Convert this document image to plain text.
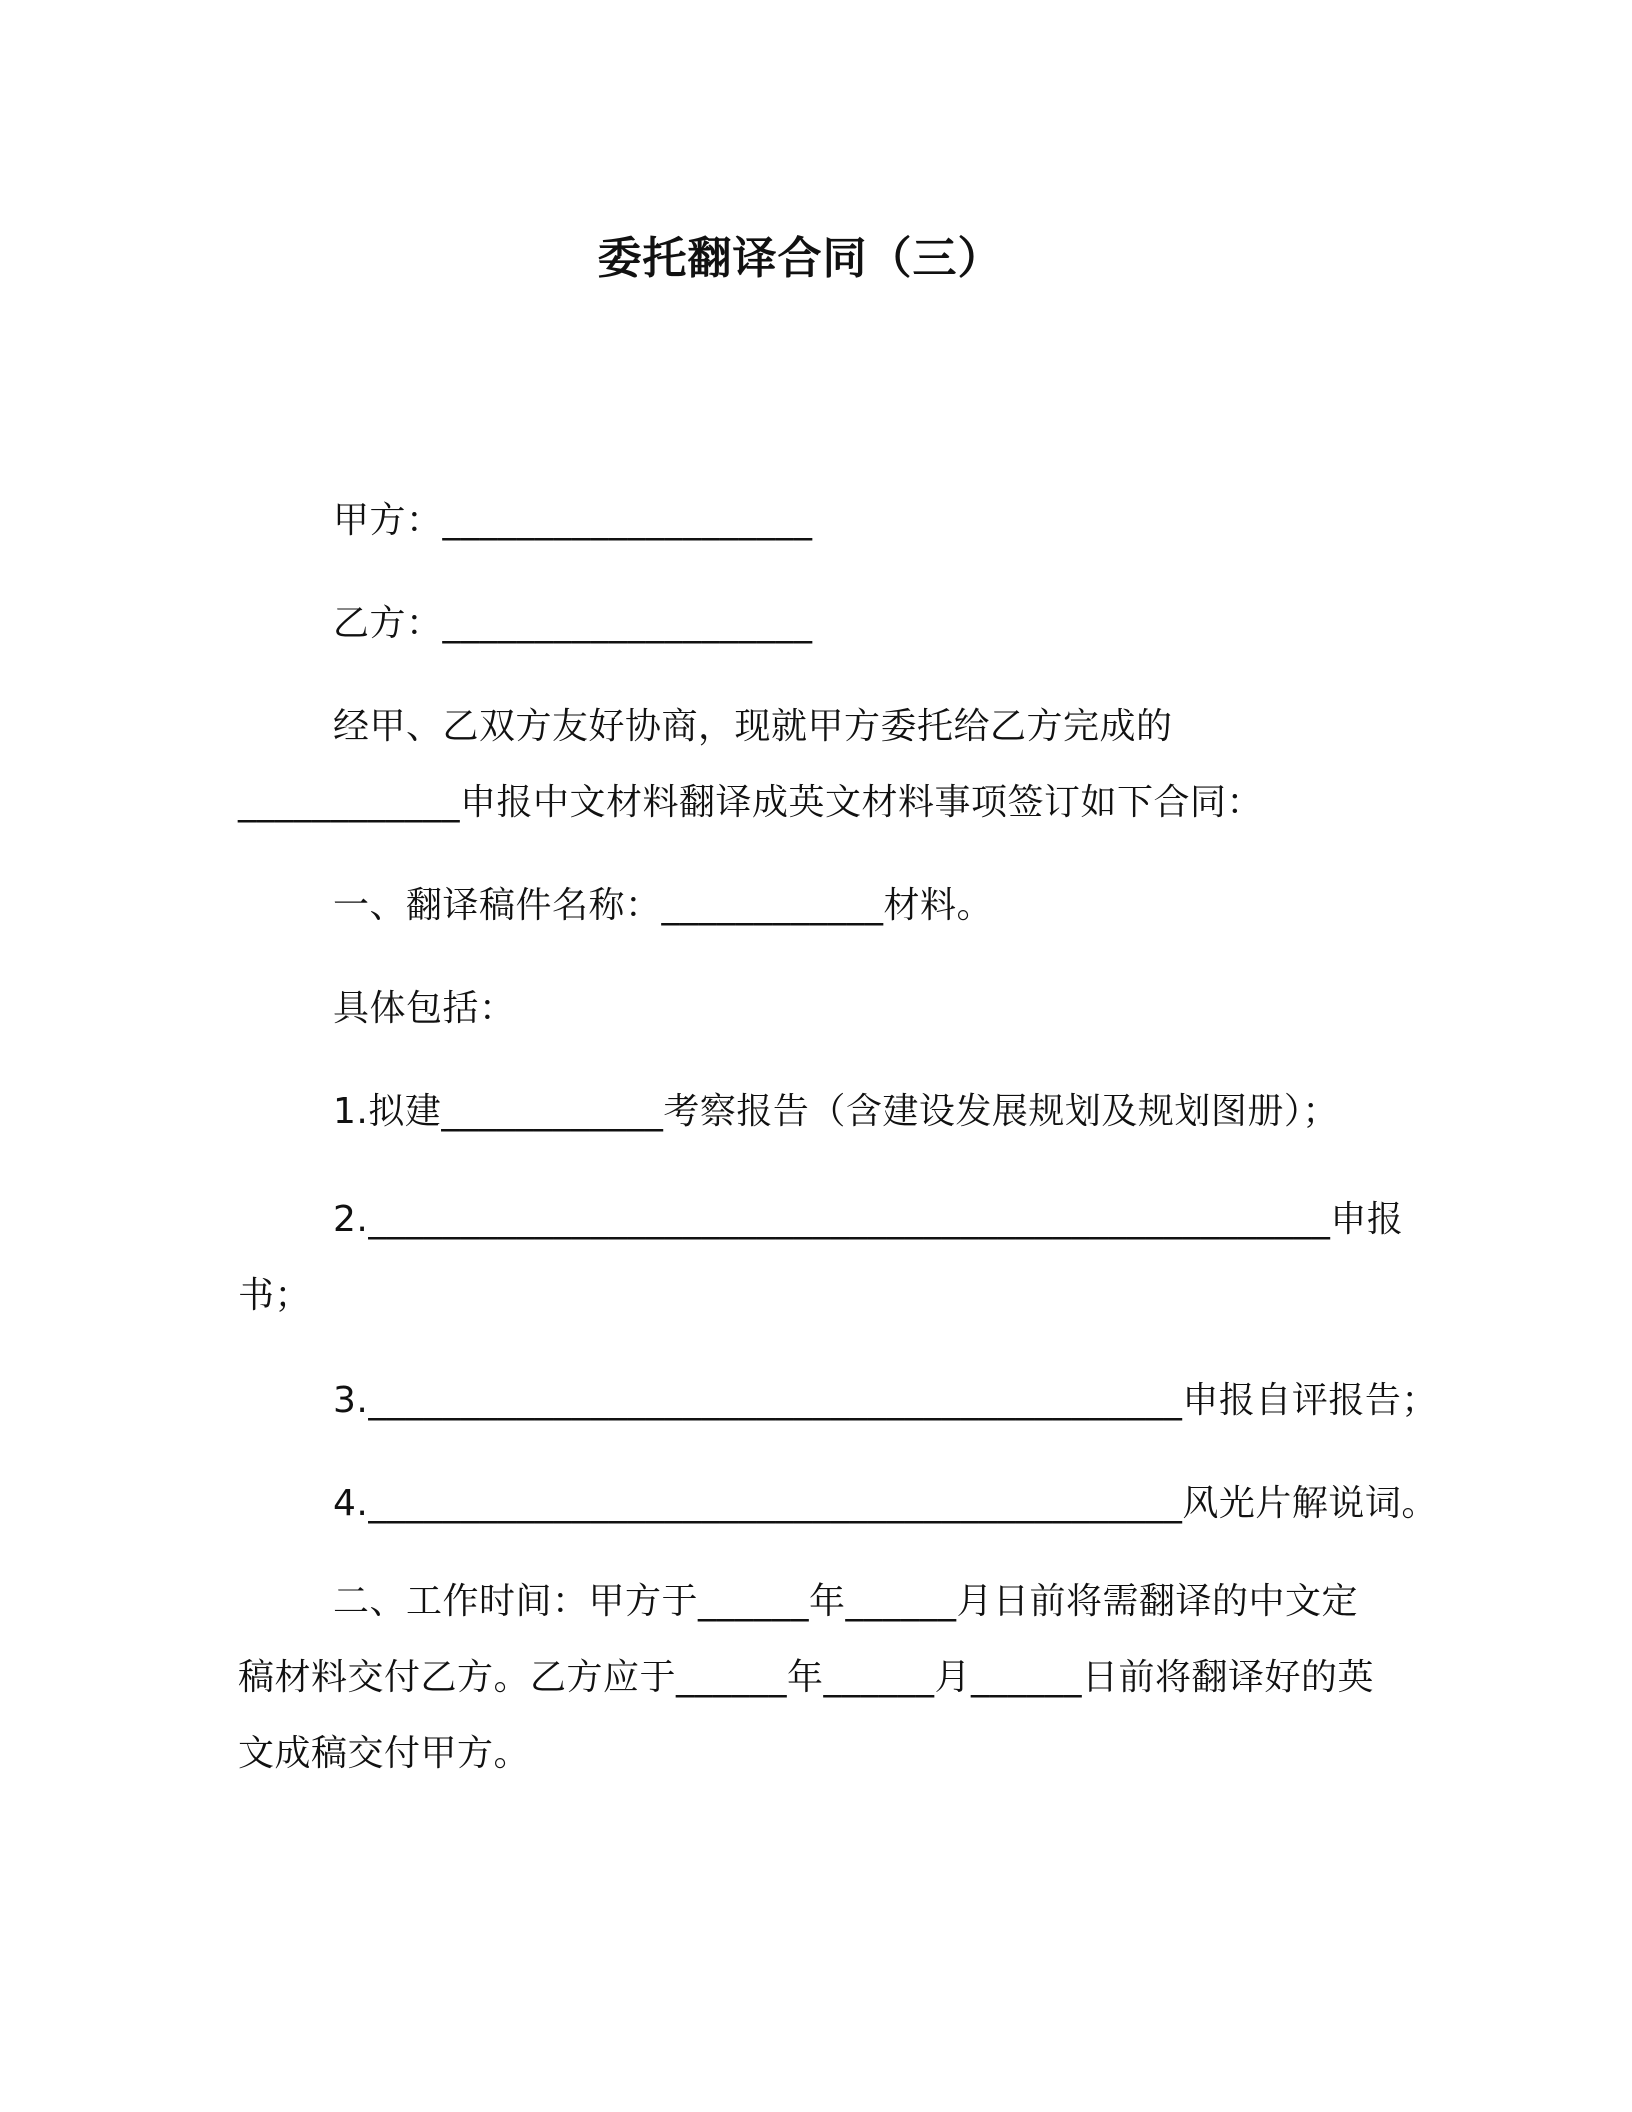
委托翻译合同（三）
甲方：____________________
乙方：____________________
经甲、乙双方友好协商，现就甲方委托给乙方完成的
____________申报中文材料翻译成英文材料事项签订如下合同：
一、翻译稿件名称：____________材料。
具体包括：
1.拟建____________考察报告（含建设发展规划及规划图册）；
2.____________________________________________________申报
书；
3.____________________________________________申报自评报告；
4.____________________________________________风光片解说词。
二、工作时间：甲方于______年______月日前将需翻译的中文定
稿材料交付乙方。乙方应于______年______月______日前将翻译好的英
文成稿交付甲方。
